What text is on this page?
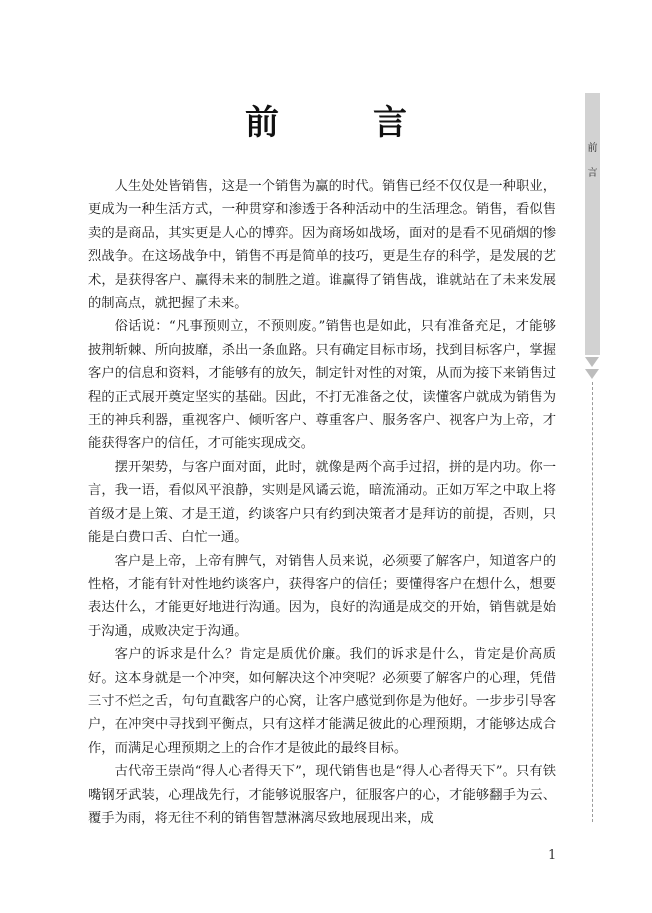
前　言
前
言

人生处处皆销售，这是一个销售为赢的时代。销售已经不仅仅是一种职业，更成为一种生活方式，一种贯穿和渗透于各种活动中的生活理念。销售，看似售卖的是商品，其实更是人心的博弈。因为商场如战场，面对的是看不见硝烟的惨烈战争。在这场战争中，销售不再是简单的技巧，更是生存的科学，是发展的艺术，是获得客户、赢得未来的制胜之道。谁赢得了销售战，谁就站在了未来发展的制高点，就把握了未来。

俗话说：“凡事预则立，不预则废。”销售也是如此，只有准备充足，才能够披荆斩棘、所向披靡，杀出一条血路。只有确定目标市场，找到目标客户，掌握客户的信息和资料，才能够有的放矢，制定针对性的对策，从而为接下来销售过程的正式展开奠定坚实的基础。因此，不打无准备之仗，读懂客户就成为销售为王的神兵利器，重视客户、倾听客户、尊重客户、服务客户、视客户为上帝，才能获得客户的信任，才可能实现成交。

摆开架势，与客户面对面，此时，就像是两个高手过招，拼的是内功。你一言，我一语，看似风平浪静，实则是风谲云诡，暗流涌动。正如万军之中取上将首级才是上策、才是王道，约谈客户只有约到决策者才是拜访的前提，否则，只能是白费口舌、白忙一通。

客户是上帝，上帝有脾气，对销售人员来说，必须要了解客户，知道客户的性格，才能有针对性地约谈客户，获得客户的信任；要懂得客户在想什么，想要表达什么，才能更好地进行沟通。因为，良好的沟通是成交的开始，销售就是始于沟通，成败决定于沟通。

客户的诉求是什么？肯定是质优价廉。我们的诉求是什么，肯定是价高质好。这本身就是一个冲突，如何解决这个冲突呢？必须要了解客户的心理，凭借三寸不烂之舌，句句直戳客户的心窝，让客户感觉到你是为他好。一步步引导客户，在冲突中寻找到平衡点，只有这样才能满足彼此的心理预期，才能够达成合作，而满足心理预期之上的合作才是彼此的最终目标。

古代帝王崇尚“得人心者得天下”，现代销售也是“得人心者得天下”。只有铁嘴钢牙武装，心理战先行，才能够说服客户，征服客户的心，才能够翻手为云、覆手为雨，将无往不利的销售智慧淋漓尽致地展现出来，成

1
